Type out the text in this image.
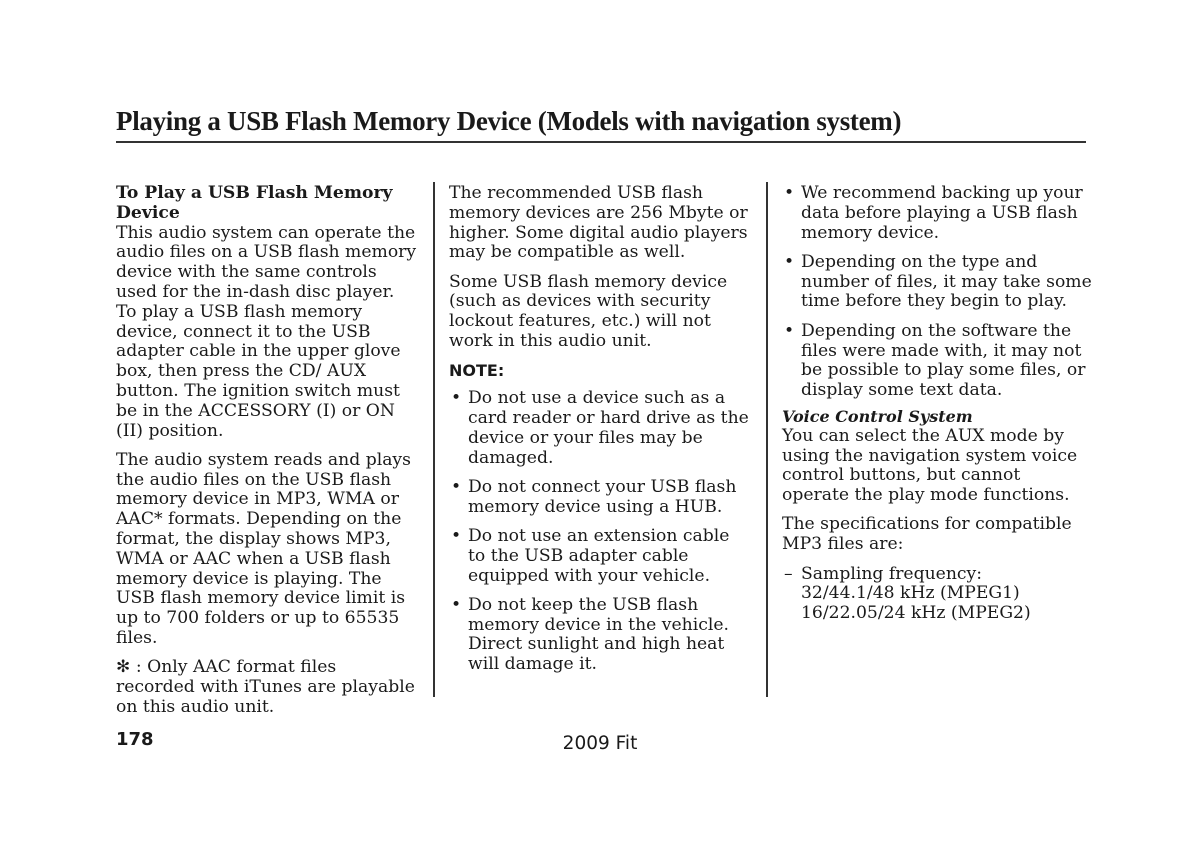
Playing a USB Flash Memory Device (Models with navigation system)

To Play a USB Flash Memory Device

This audio system can operate the audio files on a USB flash memory device with the same controls used for the in-dash disc player. To play a USB flash memory device, connect it to the USB adapter cable in the upper glove box, then press the CD/ AUX button. The ignition switch must be in the ACCESSORY (I) or ON (II) position.

The audio system reads and plays the audio files on the USB flash memory device in MP3, WMA or AAC* formats. Depending on the format, the display shows MP3, WMA or AAC when a USB flash memory device is playing. The USB flash memory device limit is up to 700 folders or up to 65535 files.

✻ : Only AAC format files recorded with iTunes are playable on this audio unit.

The recommended USB flash memory devices are 256 Mbyte or higher. Some digital audio players may be compatible as well.

Some USB flash memory device (such as devices with security lockout features, etc.) will not work in this audio unit.

NOTE:

• Do not use a device such as a card reader or hard drive as the device or your files may be damaged.
• Do not connect your USB flash memory device using a HUB.
• Do not use an extension cable to the USB adapter cable equipped with your vehicle.
• Do not keep the USB flash memory device in the vehicle. Direct sunlight and high heat will damage it.
• We recommend backing up your data before playing a USB flash memory device.
• Depending on the type and number of files, it may take some time before they begin to play.
• Depending on the software the files were made with, it may not be possible to play some files, or display some text data.

Voice Control System

You can select the AUX mode by using the navigation system voice control buttons, but cannot operate the play mode functions.

The specifications for compatible MP3 files are:

– Sampling frequency:
32/44.1/48 kHz (MPEG1)
16/22.05/24 kHz (MPEG2)
178	2009 Fit
